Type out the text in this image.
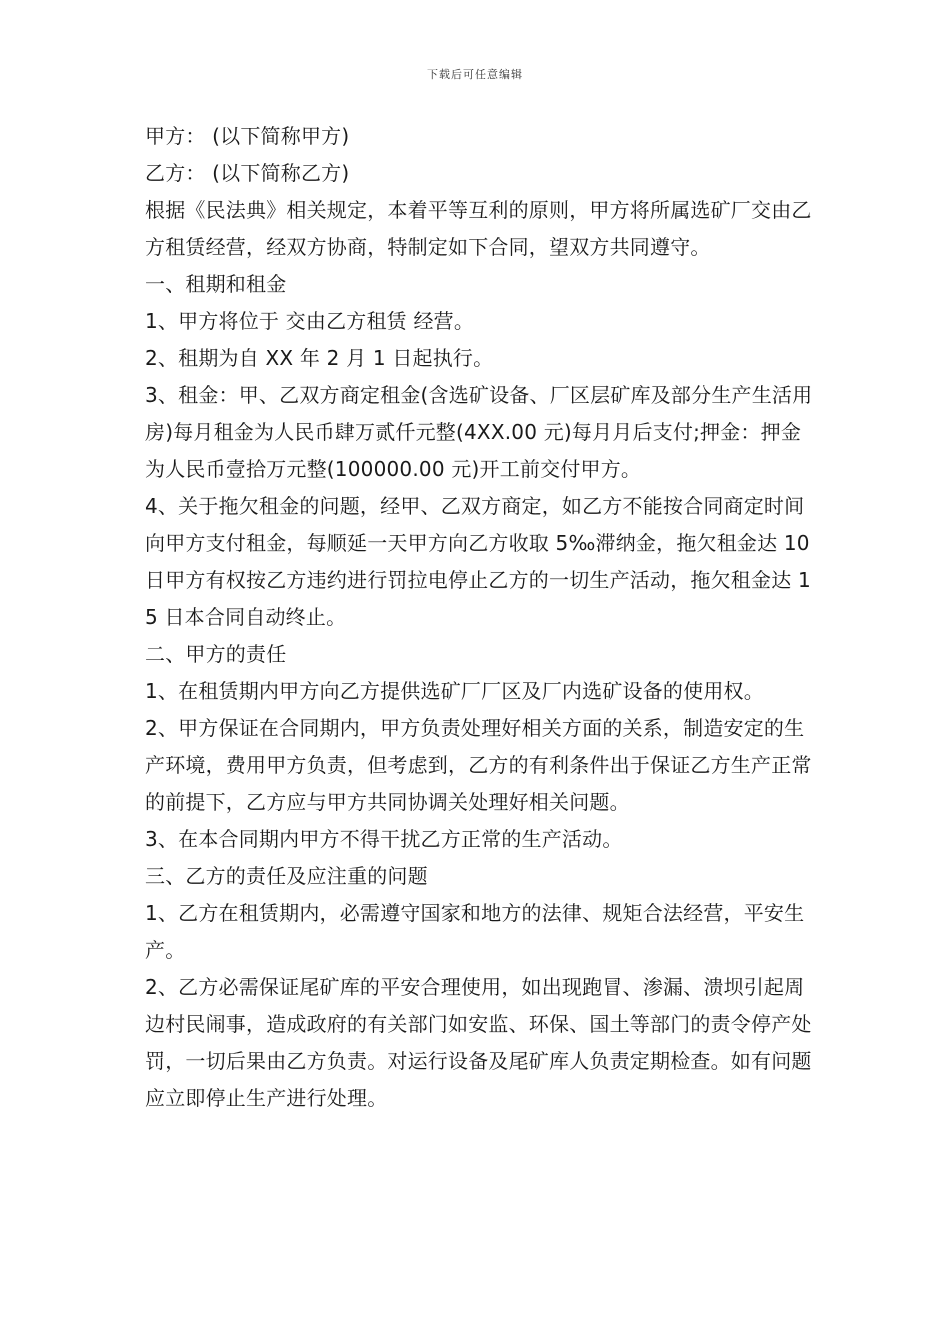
下载后可任意编辑

甲方： (以下简称甲方)

乙方： (以下简称乙方)

根据《民法典》相关规定，本着平等互利的原则，甲方将所属选矿厂交由乙方租赁经营，经双方协商，特制定如下合同，望双方共同遵守。

一、租期和租金

1、甲方将位于 交由乙方租赁 经营。

2、租期为自 XX 年 2 月 1 日起执行。

3、租金：甲、乙双方商定租金(含选矿设备、厂区层矿库及部分生产生活用房)每月租金为人民币肆万贰仟元整(4XX.00 元)每月月后支付;押金：押金为人民币壹拾万元整(100000.00 元)开工前交付甲方。

4、关于拖欠租金的问题，经甲、乙双方商定，如乙方不能按合同商定时间向甲方支付租金，每顺延一天甲方向乙方收取 5‰滞纳金，拖欠租金达 10 日甲方有权按乙方违约进行罚拉电停止乙方的一切生产活动，拖欠租金达 15 日本合同自动终止。

二、甲方的责任

1、在租赁期内甲方向乙方提供选矿厂厂区及厂内选矿设备的使用权。

2、甲方保证在合同期内，甲方负责处理好相关方面的关系，制造安定的生产环境，费用甲方负责，但考虑到，乙方的有利条件出于保证乙方生产正常的前提下，乙方应与甲方共同协调关处理好相关问题。

3、在本合同期内甲方不得干扰乙方正常的生产活动。

三、乙方的责任及应注重的问题

1、乙方在租赁期内，必需遵守国家和地方的法律、规矩合法经营，平安生产。

2、乙方必需保证尾矿库的平安合理使用，如出现跑冒、渗漏、溃坝引起周边村民闹事，造成政府的有关部门如安监、环保、国土等部门的责令停产处罚，一切后果由乙方负责。对运行设备及尾矿库人负责定期检查。如有问题应立即停止生产进行处理。
